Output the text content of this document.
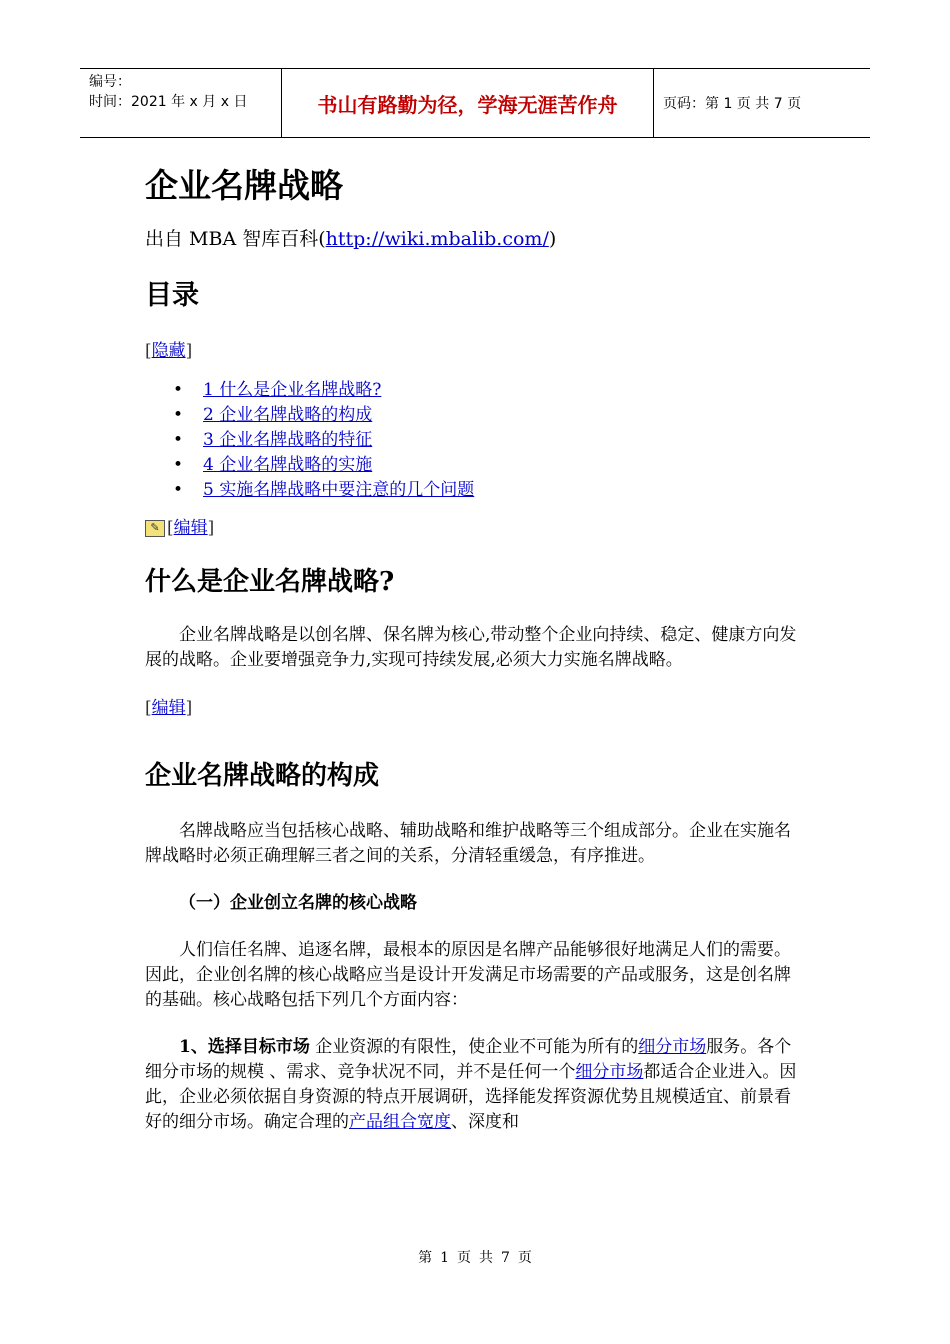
编号：
时间：2021 年 x 月 x 日	书山有路勤为径，学海无涯苦作舟	页码：第 1 页 共 7 页
企业名牌战略
出自 MBA 智库百科(http://wiki.mbalib.com/)
目录
[隐藏]
• 1 什么是企业名牌战略?
• 2 企业名牌战略的构成
• 3 企业名牌战略的特征
• 4 企业名牌战略的实施
• 5 实施名牌战略中要注意的几个问题
✎ [ 编辑 ]
什么是企业名牌战略?

企业名牌战略是以创名牌、保名牌为核心,带动整个企业向持续、稳定、健康方向发展的战略。企业要增强竞争力,实现可持续发展,必须大力实施名牌战略。

[编辑]
企业名牌战略的构成

名牌战略应当包括核心战略、辅助战略和维护战略等三个组成部分。企业在实施名牌战略时必须正确理解三者之间的关系，分清轻重缓急，有序推进。

（一）企业创立名牌的核心战略

人们信任名牌、追逐名牌，最根本的原因是名牌产品能够很好地满足人们的需要。因此，企业创名牌的核心战略应当是设计开发满足市场需要的产品或服务，这是创名牌的基础。核心战略包括下列几个方面内容：

1、选择目标市场 企业资源的有限性，使企业不可能为所有的细分市场服务。各个细分市场的规模 、需求、竞争状况不同，并不是任何一个细分市场都适合企业进入。因此，企业必须依据自身资源的特点开展调研，选择能发挥资源优势且规模适宜、前景看好的细分市场。确定合理的产品组合宽度、深度和

第 1 页 共 7 页
